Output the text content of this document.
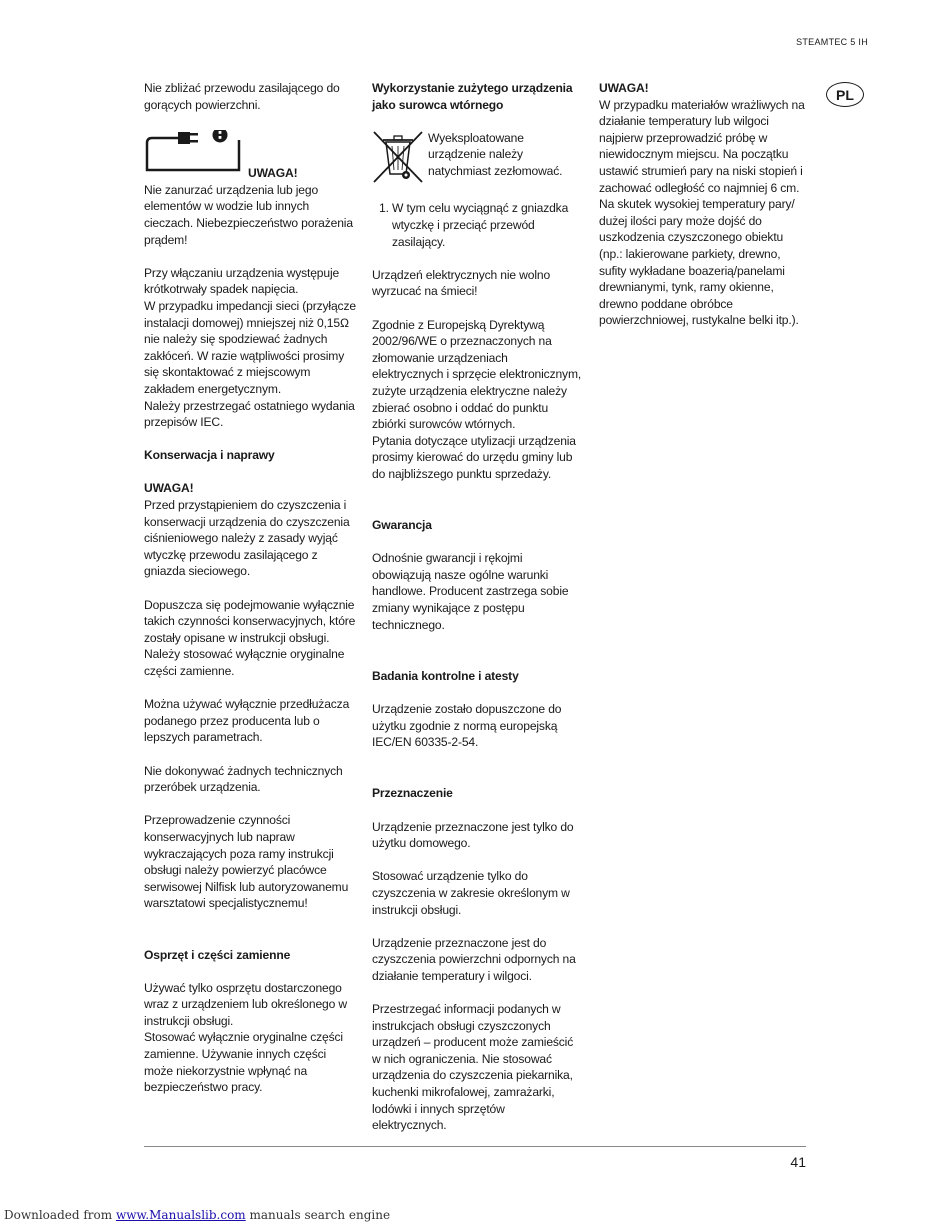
STEAMTEC 5 IH
PL

Nie zbliżać przewodu zasilającego do gorących powierzchni.

UWAGA!

Nie zanurzać urządzenia lub jego elementów w wodzie lub innych cieczach. Niebezpieczeństwo porażenia prądem!

Przy włączaniu urządzenia występuje krótkotrwały spadek napięcia.
W przypadku impedancji sieci (przyłącze instalacji domowej) mniejszej niż 0,15Ω nie należy się spodziewać żadnych zakłóceń. W razie wątpliwości prosimy się skontaktować z miejscowym zakładem energetycznym.

Należy przestrzegać ostatniego wydania przepisów IEC.

Konserwacja i naprawy

UWAGA!

Przed przystąpieniem do czyszczenia i konserwacji urządzenia do czyszczenia ciśnieniowego należy z zasady wyjąć wtyczkę przewodu zasilającego z gniazda sieciowego.

Dopuszcza się podejmowanie wyłącznie takich czynności konserwacyjnych, które zostały opisane w instrukcji obsługi. Należy stosować wyłącznie oryginalne części zamienne.

Można używać wyłącznie przedłużacza podanego przez producenta lub o lepszych parametrach.

Nie dokonywać żadnych technicznych przeróbek urządzenia.

Przeprowadzenie czynności konserwacyjnych lub napraw wykraczających poza ramy instrukcji obsługi należy powierzyć placówce serwisowej Nilfisk lub autoryzowanemu warsztatowi specjalistycznemu!

Osprzęt i części zamienne

Używać tylko osprzętu dostarczonego wraz z urządzeniem lub określonego w instrukcji obsługi.
Stosować wyłącznie oryginalne części zamienne. Używanie innych części może niekorzystnie wpłynąć na bezpieczeństwo pracy.

Wykorzystanie zużytego urządzenia jako surowca wtórnego

Wyeksploatowane urządzenie należy natychmiast zezłomować.
1. W tym celu wyciągnąć z gniazdka wtyczkę i przeciąć przewód zasilający.

Urządzeń elektrycznych nie wolno wyrzucać na śmieci!

Zgodnie z Europejską Dyrektywą 2002/96/WE o przeznaczonych na złomowanie urządzeniach elektrycznych i sprzęcie elektronicznym, zużyte urządzenia elektryczne należy zbierać osobno i oddać do punktu zbiórki surowców wtórnych.

Pytania dotyczące utylizacji urządzenia prosimy kierować do urzędu gminy lub do najbliższego punktu sprzedaży.

Gwarancja

Odnośnie gwarancji i rękojmi obowiązują nasze ogólne warunki handlowe. Producent zastrzega sobie zmiany wynikające z postępu technicznego.

Badania kontrolne i atesty

Urządzenie zostało dopuszczone do użytku zgodnie z normą europejską IEC/EN 60335-2-54.

Przeznaczenie

Urządzenie przeznaczone jest tylko do użytku domowego.

Stosować urządzenie tylko do czyszczenia w zakresie określonym w instrukcji obsługi.

Urządzenie przeznaczone jest do czyszczenia powierzchni odpornych na działanie temperatury i wilgoci.

Przestrzegać informacji podanych w instrukcjach obsługi czyszczonych urządzeń – producent może zamieścić w nich ograniczenia. Nie stosować urządzenia do czyszczenia piekarnika, kuchenki mikrofalowej, zamrażarki, lodówki i innych sprzętów elektrycznych.

UWAGA!

W przypadku materiałów wrażliwych na działanie temperatury lub wilgoci najpierw przeprowadzić próbę w niewidocznym miejscu. Na początku ustawić strumień pary na niski stopień i zachować odległość co najmniej 6 cm. Na skutek wysokiej temperatury pary/ dużej ilości pary może dojść do uszkodzenia czyszczonego obiektu (np.: lakierowane parkiety, drewno, sufity wykładane boazerią/panelami drewnianymi, tynk, ramy okienne, drewno poddane obróbce powierzchniowej, rustykalne belki itp.).

41
Downloaded from www.Manualslib.com manuals search engine
